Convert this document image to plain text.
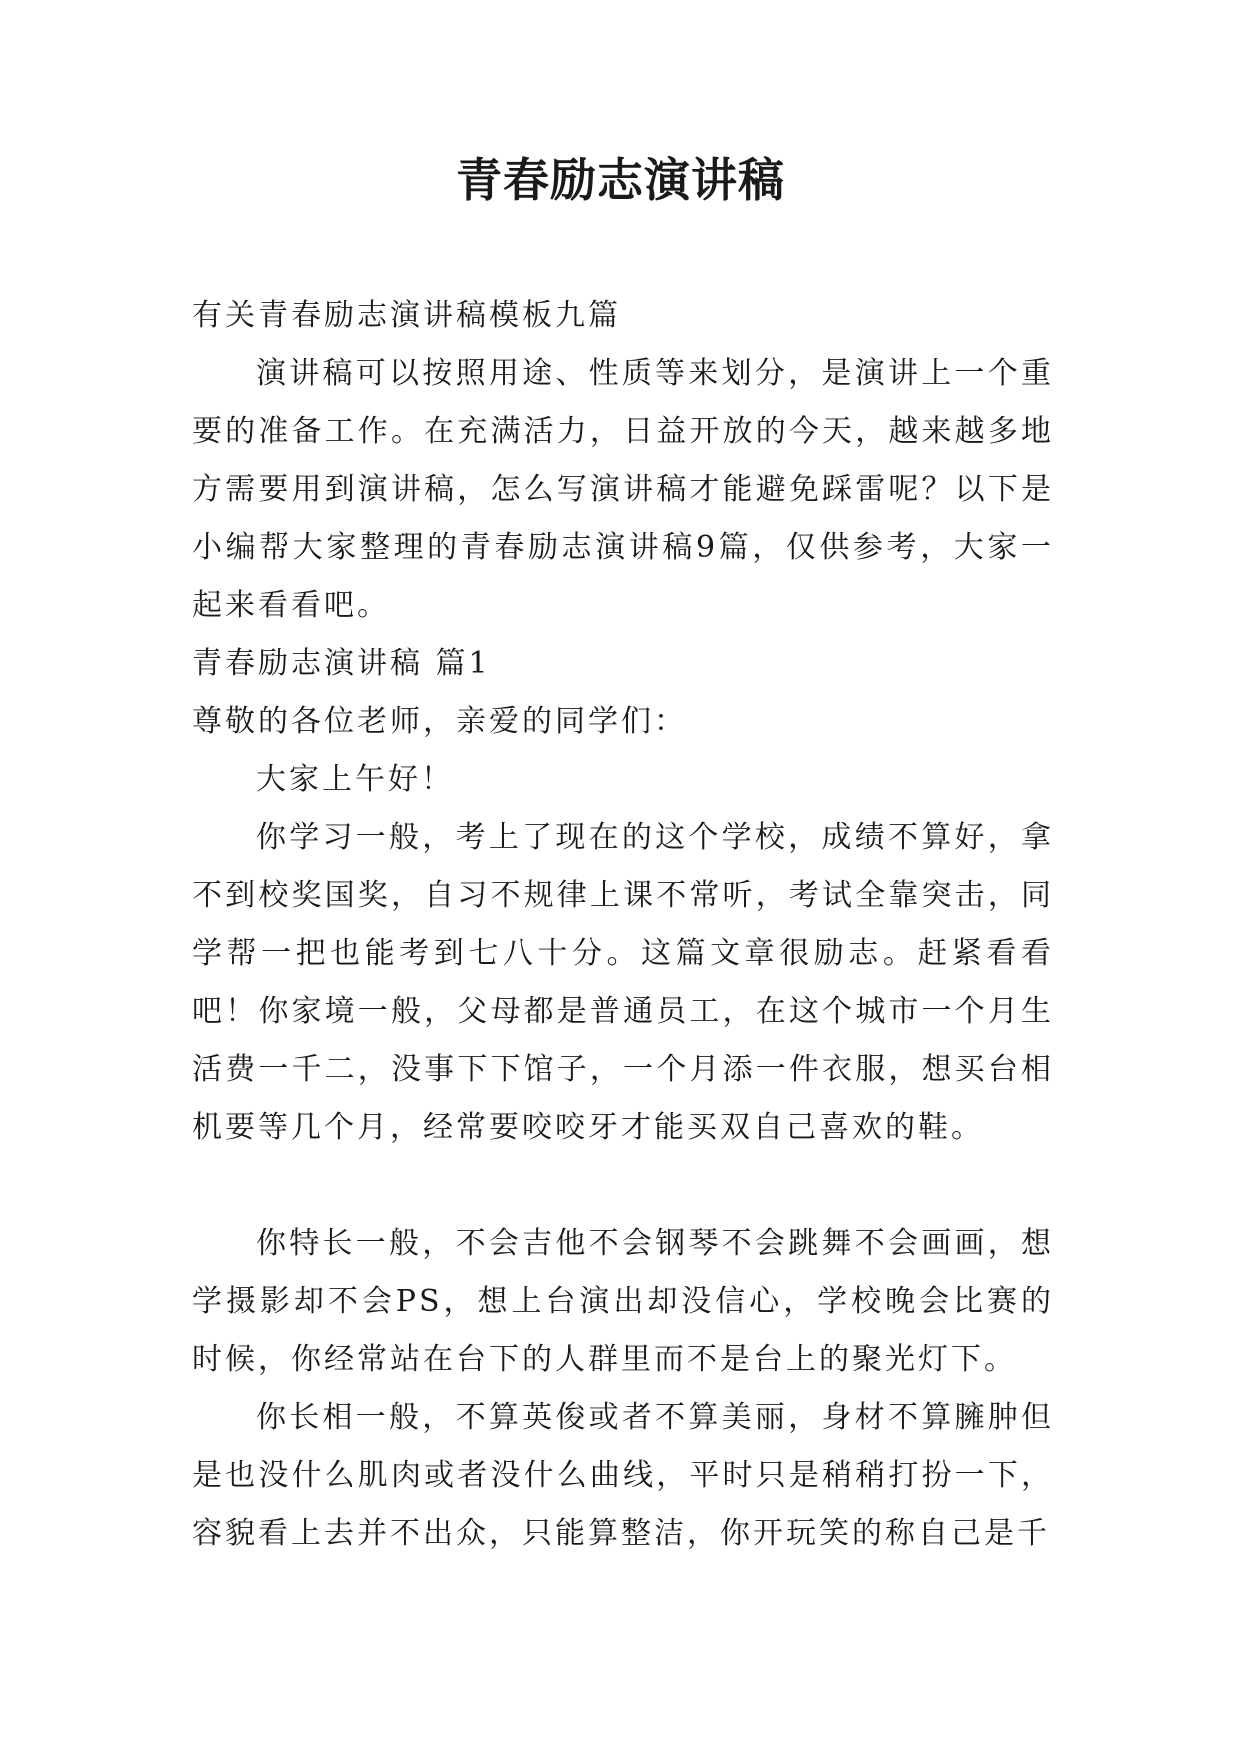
青春励志演讲稿

有关青春励志演讲稿模板九篇

演讲稿可以按照用途、性质等来划分，是演讲上一个重要的准备工作。在充满活力，日益开放的今天，越来越多地方需要用到演讲稿，怎么写演讲稿才能避免踩雷呢？以下是小编帮大家整理的青春励志演讲稿9篇，仅供参考，大家一起来看看吧。

青春励志演讲稿 篇1

尊敬的各位老师，亲爱的同学们：

大家上午好！

你学习一般，考上了现在的这个学校，成绩不算好，拿不到校奖国奖，自习不规律上课不常听，考试全靠突击，同学帮一把也能考到七八十分。这篇文章很励志。赶紧看看吧！你家境一般，父母都是普通员工，在这个城市一个月生活费一千二，没事下下馆子，一个月添一件衣服，想买台相机要等几个月，经常要咬咬牙才能买双自己喜欢的鞋。

你特长一般，不会吉他不会钢琴不会跳舞不会画画，想学摄影却不会PS，想上台演出却没信心，学校晚会比赛的时候，你经常站在台下的人群里而不是台上的聚光灯下。

你长相一般，不算英俊或者不算美丽，身材不算臃肿但是也没什么肌肉或者没什么曲线，平时只是稍稍打扮一下，容貌看上去并不出众，只能算整洁，你开玩笑的称自己是千
